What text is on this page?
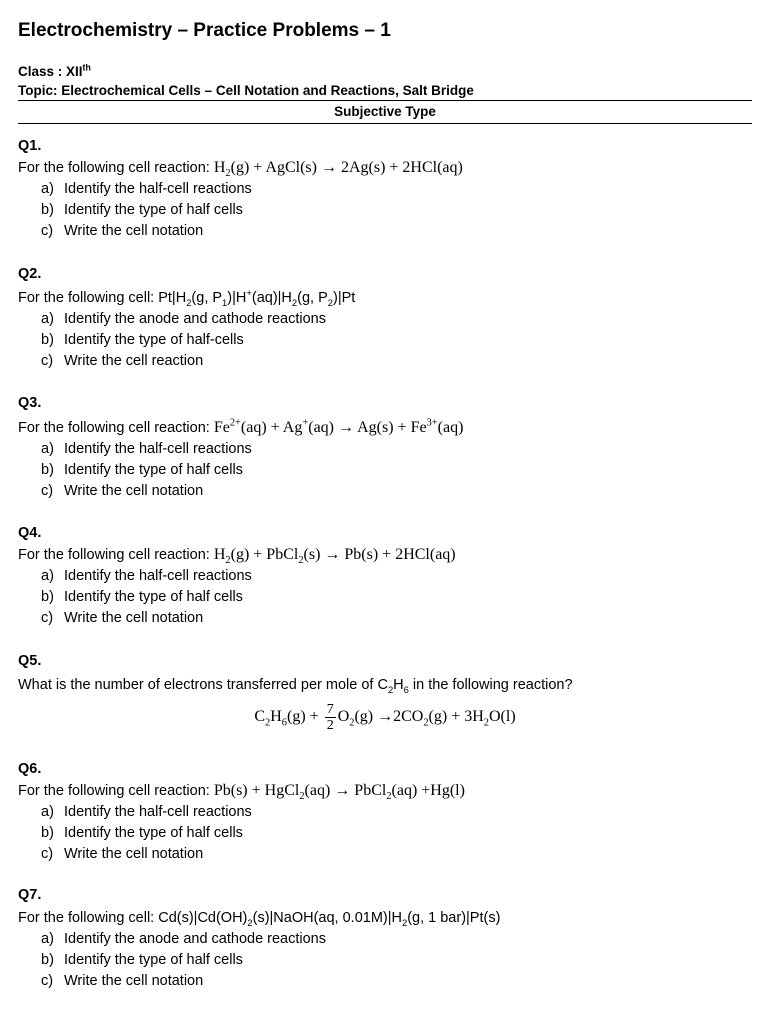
Electrochemistry – Practice Problems – 1
Class : XIIth
Topic: Electrochemical Cells – Cell Notation and Reactions, Salt Bridge
Subjective Type
Q1.
For the following cell reaction: $H_2(g)$ + AgCl(s) → 2Ag(s) + 2HCl(aq)
a) Identify the half-cell reactions
b) Identify the type of half cells
c) Write the cell notation
Q2.
For the following cell: $Pt|H_2(g$, $P_1)|H^+(aq)|H_2(g$, $P_2)|Pt$
a) Identify the anode and cathode reactions
b) Identify the type of half-cells
c) Write the cell reaction
Q3.
For the following cell reaction: $Fe^{2+}(aq) + Ag^+(aq) \to Ag(s) + Fe^{3+}(aq)$
a) Identify the half-cell reactions
b) Identify the type of half cells
c) Write the cell notation
Q4.
For the following cell reaction: $H_2(g)$ + PbCl$_2$(s) → Pb(s) + 2HCl(aq)
a) Identify the half-cell reactions
b) Identify the type of half cells
c) Write the cell notation
Q5.
What is the number of electrons transferred per mole of $C_2H_6$ in the following reaction?
$C_2H_6(g) + \frac{7}{2} O_2(g) \to 2CO_2(g) + 3H_2O(l)$
Q6.
For the following cell reaction: Pb(s) + HgCl$_2$(aq) → PbCl$_2$(aq) +Hg(l)
a) Identify the half-cell reactions
b) Identify the type of half cells
c) Write the cell notation
Q7.
For the following cell: $Cd(s)|Cd(OH)_2(s)|NaOH(aq$, $0.01M)|H_2(g$, 1 bar)|Pt(s)
a) Identify the anode and cathode reactions
b) Identify the type of half cells
c) Write the cell notation
